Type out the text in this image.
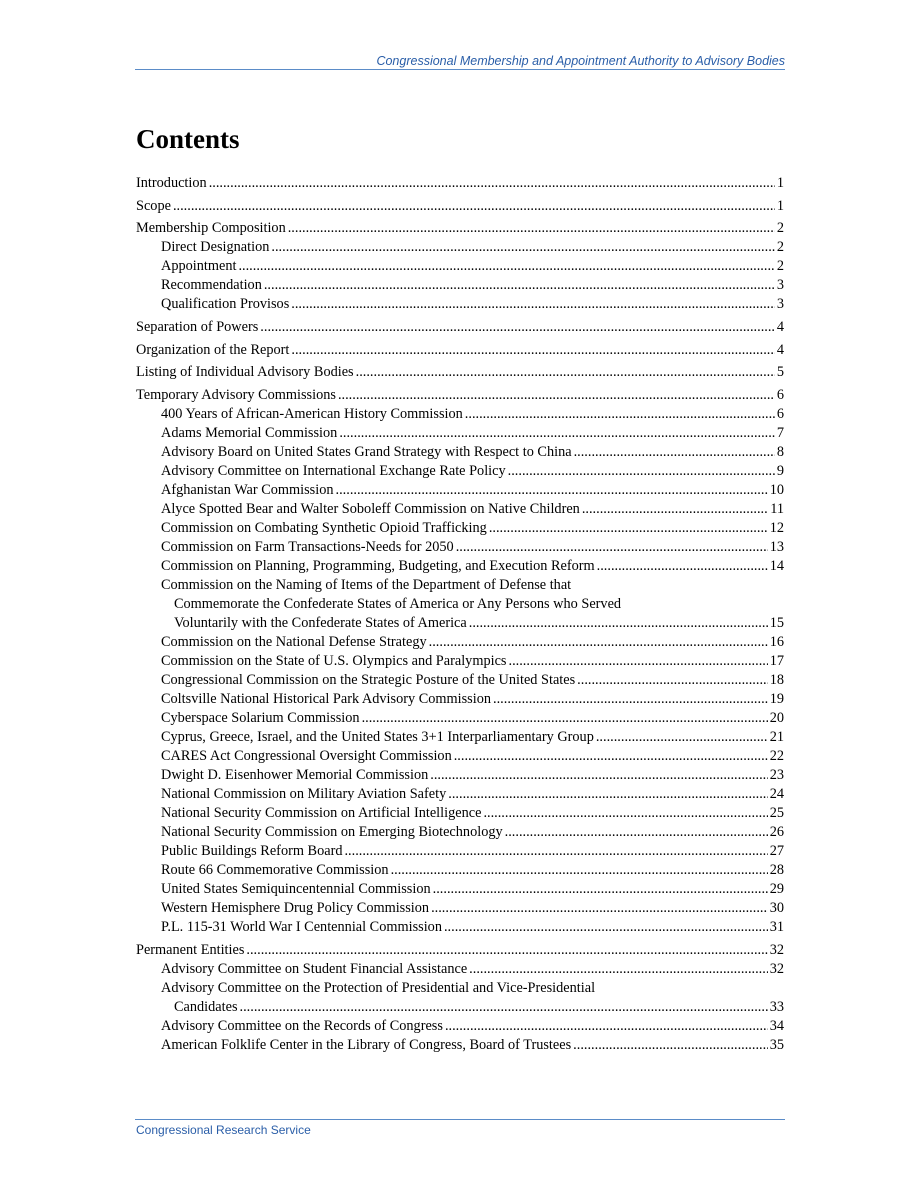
Congressional Membership and Appointment Authority to Advisory Bodies
Contents
Introduction .....	1
Scope .....	1
Membership Composition .....	2
Direct Designation .....	2
Appointment .....	2
Recommendation .....	3
Qualification Provisos .....	3
Separation of Powers .....	4
Organization of the Report .....	4
Listing of Individual Advisory Bodies .....	5
Temporary Advisory Commissions .....	6
400 Years of African-American History Commission .....	6
Adams Memorial Commission .....	7
Advisory Board on United States Grand Strategy with Respect to China .....	8
Advisory Committee on International Exchange Rate Policy .....	9
Afghanistan War Commission .....	10
Alyce Spotted Bear and Walter Soboleff Commission on Native Children .....	11
Commission on Combating Synthetic Opioid Trafficking .....	12
Commission on Farm Transactions-Needs for 2050 .....	13
Commission on Planning, Programming, Budgeting, and Execution Reform .....	14
Commission on the Naming of Items of the Department of Defense that
Commemorate the Confederate States of America or Any Persons who Served
Voluntarily with the Confederate States of America .....	15
Commission on the National Defense Strategy .....	16
Commission on the State of U.S. Olympics and Paralympics .....	17
Congressional Commission on the Strategic Posture of the United States .....	18
Coltsville National Historical Park Advisory Commission .....	19
Cyberspace Solarium Commission .....	20
Cyprus, Greece, Israel, and the United States 3+1 Interparliamentary Group .....	21
CARES Act Congressional Oversight Commission .....	22
Dwight D. Eisenhower Memorial Commission .....	23
National Commission on Military Aviation Safety .....	24
National Security Commission on Artificial Intelligence .....	25
National Security Commission on Emerging Biotechnology .....	26
Public Buildings Reform Board .....	27
Route 66 Commemorative Commission .....	28
United States Semiquincentennial Commission .....	29
Western Hemisphere Drug Policy Commission .....	30
P.L. 115-31 World War I Centennial Commission .....	31
Permanent Entities .....	32
Advisory Committee on Student Financial Assistance .....	32
Advisory Committee on the Protection of Presidential and Vice-Presidential
Candidates .....	33
Advisory Committee on the Records of Congress .....	34
American Folklife Center in the Library of Congress, Board of Trustees .....	35
Congressional Research Service
